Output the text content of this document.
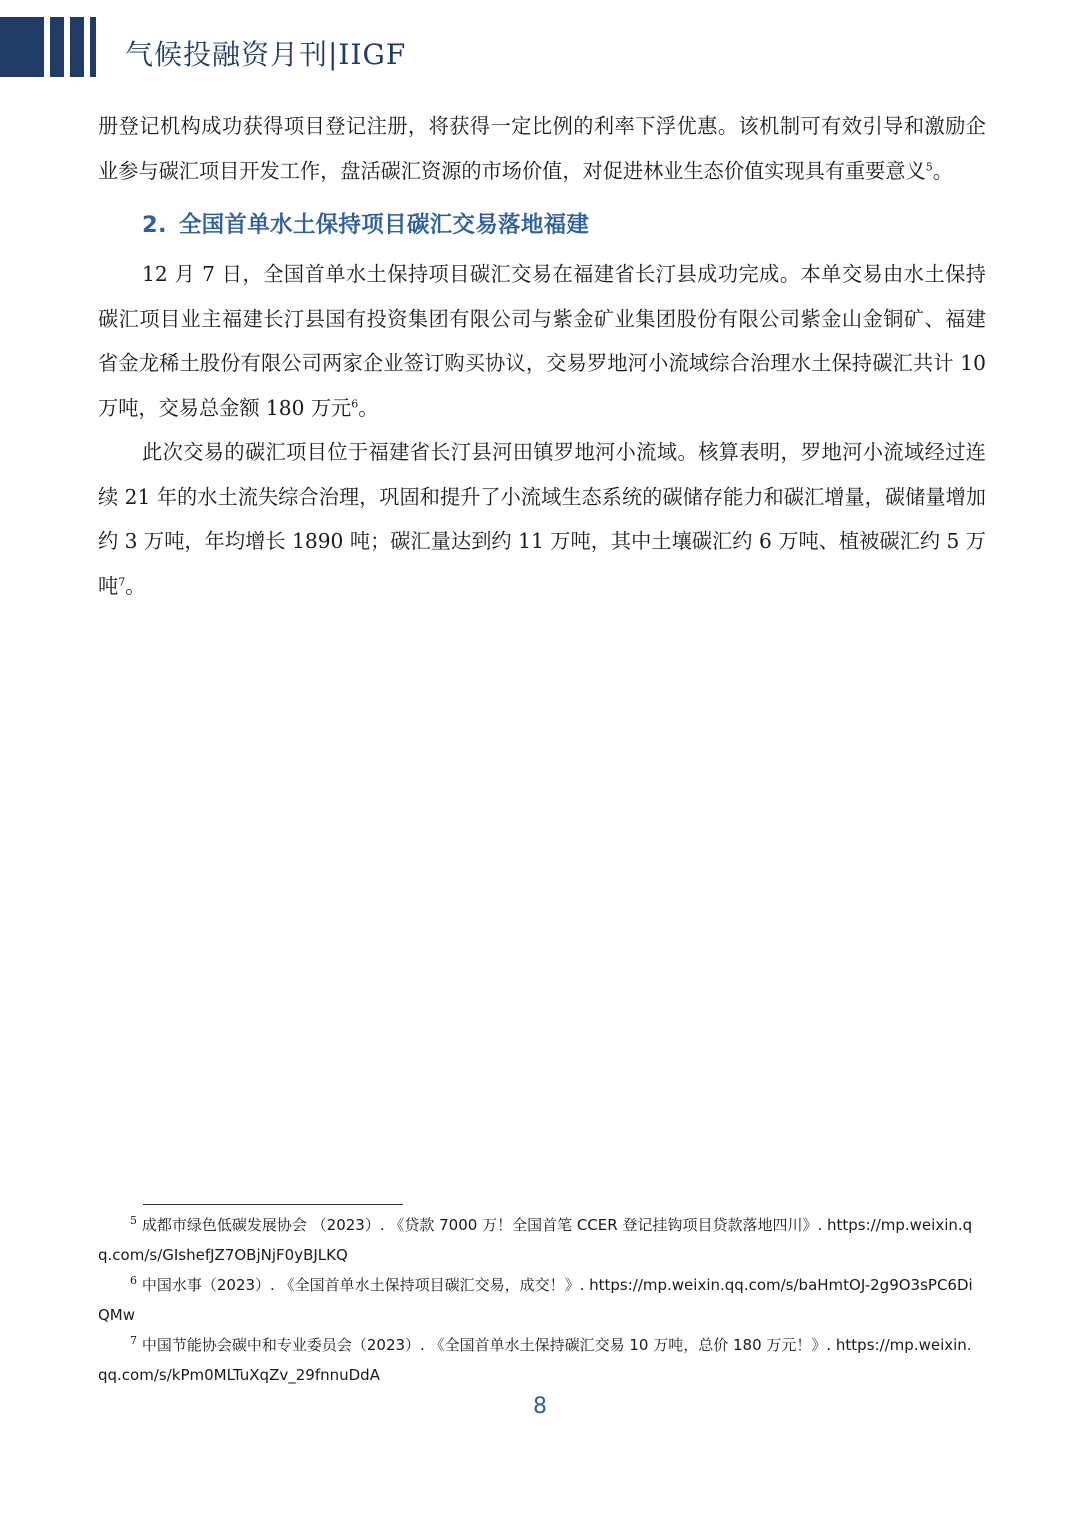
气候投融资月刊|IIGF

册登记机构成功获得项目登记注册，将获得一定比例的利率下浮优惠。该机制可有效引导和激励企业参与碳汇项目开发工作，盘活碳汇资源的市场价值，对促进林业生态价值实现具有重要意义$^5$。

2. 全国首单水土保持项目碳汇交易落地福建

12 月 7 日，全国首单水土保持项目碳汇交易在福建省长汀县成功完成。本单交易由水土保持碳汇项目业主福建长汀县国有投资集团有限公司与紫金矿业集团股份有限公司紫金山金铜矿、福建省金龙稀土股份有限公司两家企业签订购买协议，交易罗地河小流域综合治理水土保持碳汇共计 10 万吨，交易总金额 180 万元$^6$。

此次交易的碳汇项目位于福建省长汀县河田镇罗地河小流域。核算表明，罗地河小流域经过连续 21 年的水土流失综合治理，巩固和提升了小流域生态系统的碳储存能力和碳汇增量，碳储量增加约 3 万吨，年均增长 1890 吨；碳汇量达到约 11 万吨，其中土壤碳汇约 6 万吨、植被碳汇约 5 万吨$^7$。

$^5$ 成都市绿色低碳发展协会 （2023）. 《贷款 7000 万！全国首笔 CCER 登记挂钩项目贷款落地四川》. https://mp.weixin.qq.com/s/GIshefJZ7OBjNjF0yBJLKQ

$^6$ 中国水事（2023）. 《全国首单水土保持项目碳汇交易，成交！》. https://mp.weixin.qq.com/s/baHmtOJ-2g9O3sPC6DiQMw

$^7$ 中国节能协会碳中和专业委员会（2023）. 《全国首单水土保持碳汇交易 10 万吨，总价 180 万元！》. https://mp.weixin.qq.com/s/kPm0MLTuXqZv_29fnnuDdA

8
